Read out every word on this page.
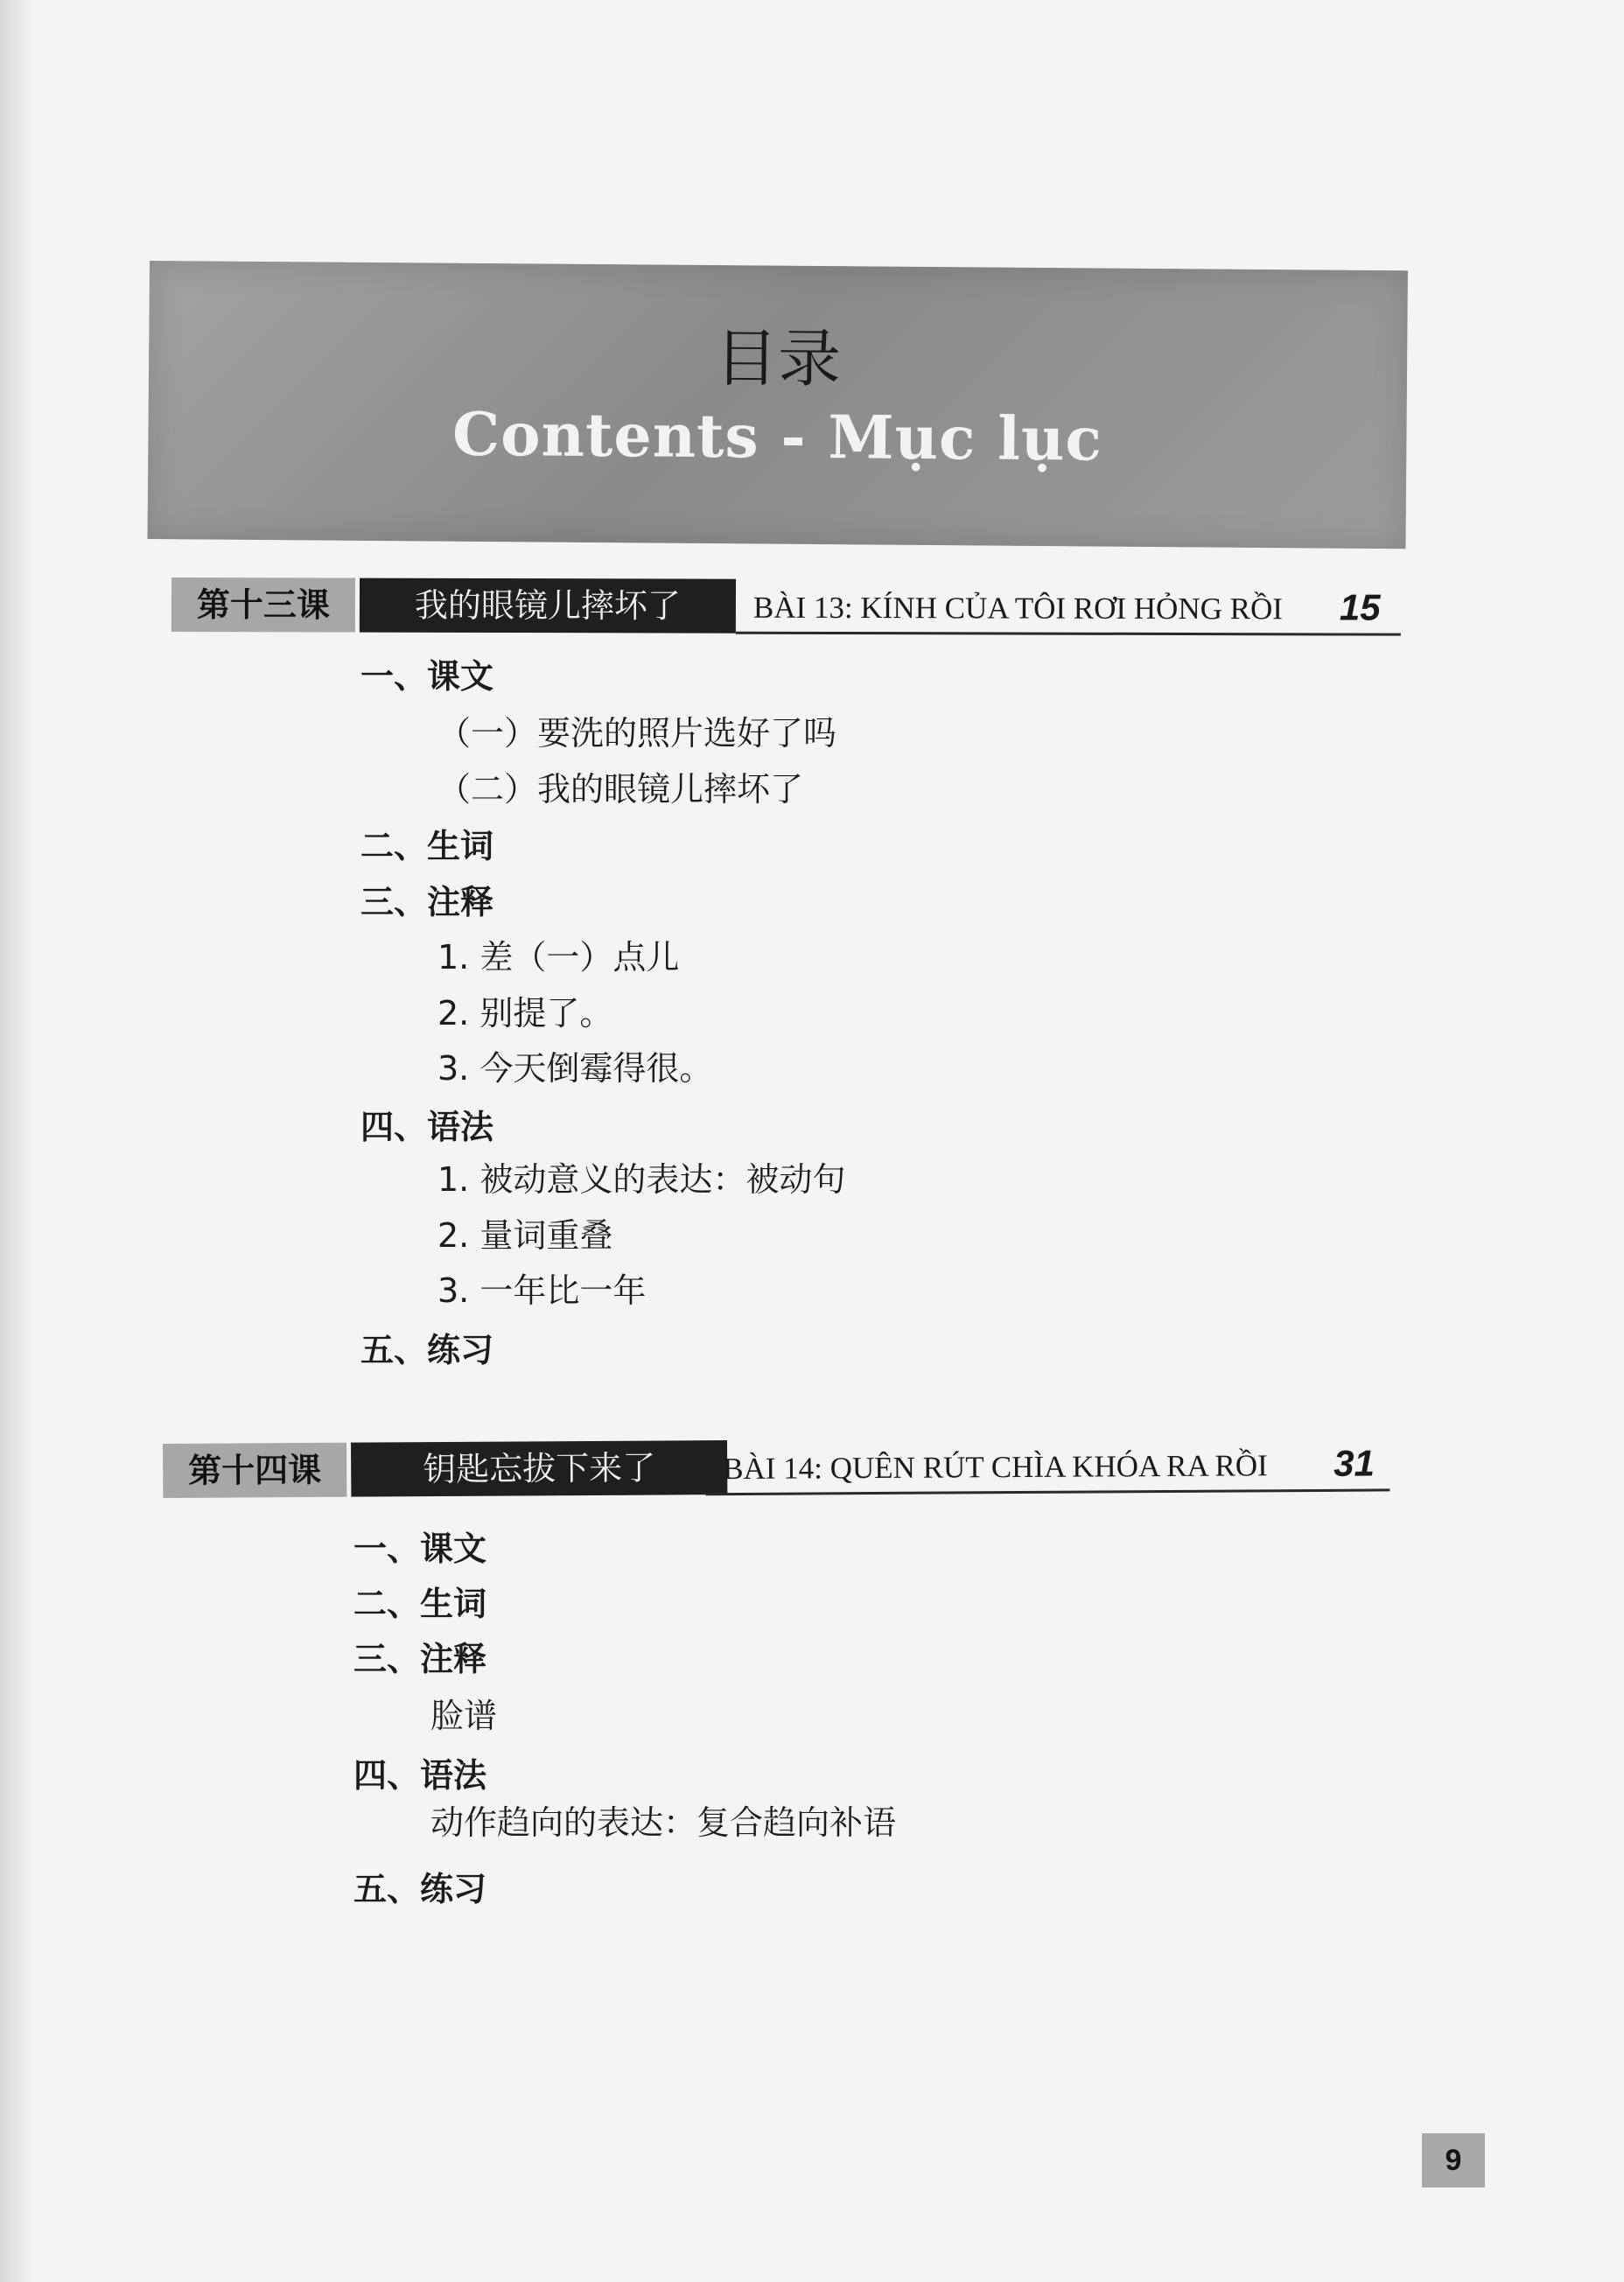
目录
Contents - Mục lục
第十三课	我的眼镜儿摔坏了	BÀI 13: KÍNH CỦA TÔI RƠI HỎNG RỒI 15
一、课文
（一）要洗的照片选好了吗
（二）我的眼镜儿摔坏了
二、生词
三、注释
1. 差（一）点儿
2. 别提了。
3. 今天倒霉得很。
四、语法
1. 被动意义的表达：被动句
2. 量词重叠
3. 一年比一年
五、练习
第十四课	钥匙忘拔下来了	BÀI 14: QUÊN RÚT CHÌA KHÓA RA RỒI 31
一、课文
二、生词
三、注释
脸谱
四、语法
动作趋向的表达：复合趋向补语
五、练习
9
